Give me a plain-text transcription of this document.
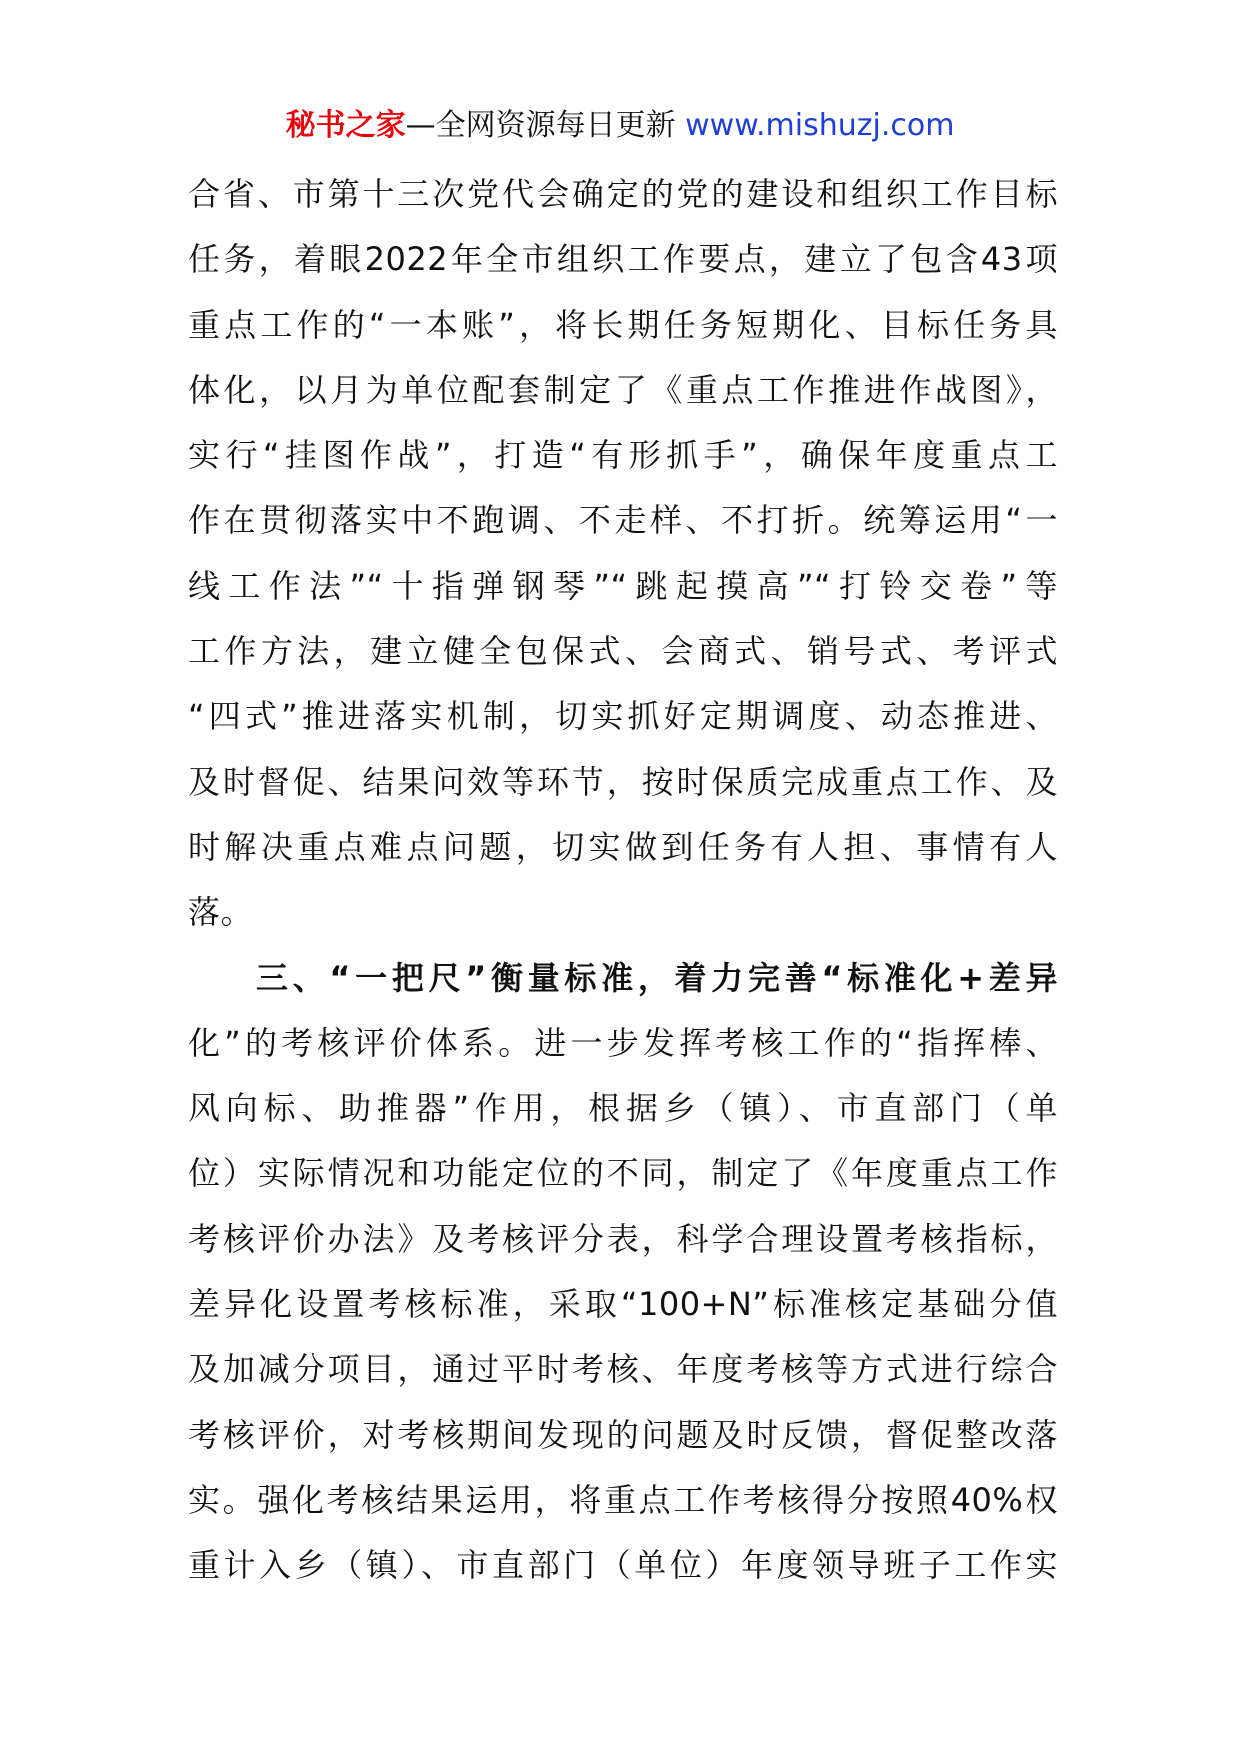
秘书之家—全网资源每日更新 www.mishuzj.com
合省、市第十三次党代会确定的党的建设和组织工作目标
任务，着眼2022年全市组织工作要点，建立了包含43项
重点工作的“一本账”，将长期任务短期化、目标任务具
体化，以月为单位配套制定了《重点工作推进作战图》，
实行“挂图作战”，打造“有形抓手”，确保年度重点工
作在贯彻落实中不跑调、不走样、不打折。统筹运用“一
线工作法”“十指弹钢琴”“跳起摸高”“打铃交卷”等
工作方法，建立健全包保式、会商式、销号式、考评式
“四式”推进落实机制，切实抓好定期调度、动态推进、
及时督促、结果问效等环节，按时保质完成重点工作、及
时解决重点难点问题，切实做到任务有人担、事情有人
落。
三、“一把尺”衡量标准，着力完善“标准化+差异
化”的考核评价体系。进一步发挥考核工作的“指挥棒、
风向标、助推器”作用，根据乡（镇）、市直部门（单
位）实际情况和功能定位的不同，制定了《年度重点工作
考核评价办法》及考核评分表，科学合理设置考核指标，
差异化设置考核标准，采取“100+N”标准核定基础分值
及加减分项目，通过平时考核、年度考核等方式进行综合
考核评价，对考核期间发现的问题及时反馈，督促整改落
实。强化考核结果运用，将重点工作考核得分按照40%权
重计入乡（镇）、市直部门（单位）年度领导班子工作实
